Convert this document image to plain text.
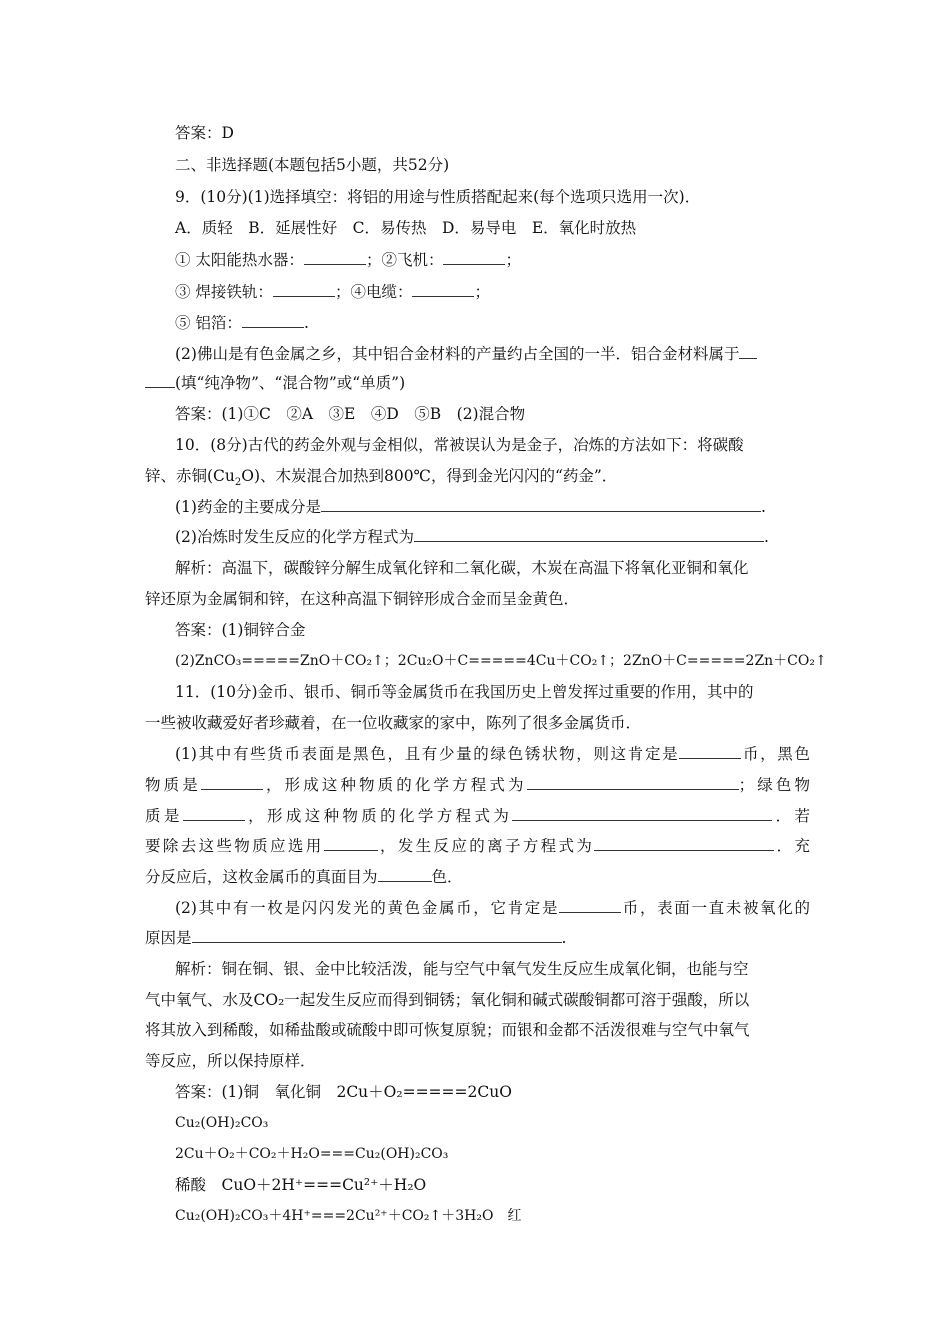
答案：D
二、非选择题(本题包括5小题，共52分)
9．(10分)(1)选择填空：将铝的用途与性质搭配起来(每个选项只选用一次)．
A．质轻　B．延展性好　C．易传热　D．易导电　E．氧化时放热
① 太阳能热水器：	；②飞机：	；
③ 焊接铁轨：	；④电缆：	；
⑤ 铝箔：	.
(2)佛山是有色金属之乡，其中铝合金材料的产量约占全国的一半．铝合金材料属于
(填“纯净物”、“混合物”或“单质”)
答案：(1)①C　②A　③E　④D　⑤B　(2)混合物
10．(8分)古代的药金外观与金相似，常被误认为是金子，冶炼的方法如下：将碳酸
锌、赤铜$(Cu_2O)$、木炭混合加热到800℃，得到金光闪闪的“药金”．
(1)药金的主要成分是	.
(2)冶炼时发生反应的化学方程式为	.
解析：高温下，碳酸锌分解生成氧化锌和二氧化碳，木炭在高温下将氧化亚铜和氧化
锌还原为金属铜和锌，在这种高温下铜锌形成合金而呈金黄色．
答案：(1)铜锌合金
(2)ZnCO₃=====ZnO＋CO₂↑；2Cu₂O＋C=====4Cu＋CO₂↑；2ZnO＋C=====2Zn＋CO₂↑
11．(10分)金币、银币、铜币等金属货币在我国历史上曾发挥过重要的作用，其中的
一些被收藏爱好者珍藏着，在一位收藏家的家中，陈列了很多金属货币．
(1)其中有些货币表面是黑色，且有少量的绿色锈状物，则这肯定是	币，黑色
物质是	，形成这种物质的化学方程式为	；绿色物
质是	，形成这种物质的化学方程式为	．若
要除去这些物质应选用	，发生反应的离子方程式为	．充
分反应后，这枚金属币的真面目为	色．
(2)其中有一枚是闪闪发光的黄色金属币，它肯定是	币，表面一直未被氧化的
原因是	.
解析：铜在铜、银、金中比较活泼，能与空气中氧气发生反应生成氧化铜，也能与空
气中氧气、水及CO₂一起发生反应而得到铜锈；氧化铜和碱式碳酸铜都可溶于强酸，所以
将其放入到稀酸，如稀盐酸或硫酸中即可恢复原貌；而银和金都不活泼很难与空气中氧气
等反应，所以保持原样．
答案：(1)铜　氧化铜　2Cu＋O₂=====2CuO
Cu₂(OH)₂CO₃
2Cu＋O₂＋CO₂＋H₂O===Cu₂(OH)₂CO₃
稀酸　CuO＋2H⁺===Cu²⁺＋H₂O
Cu₂(OH)₂CO₃＋4H⁺===2Cu²⁺＋CO₂↑＋3H₂O　红
